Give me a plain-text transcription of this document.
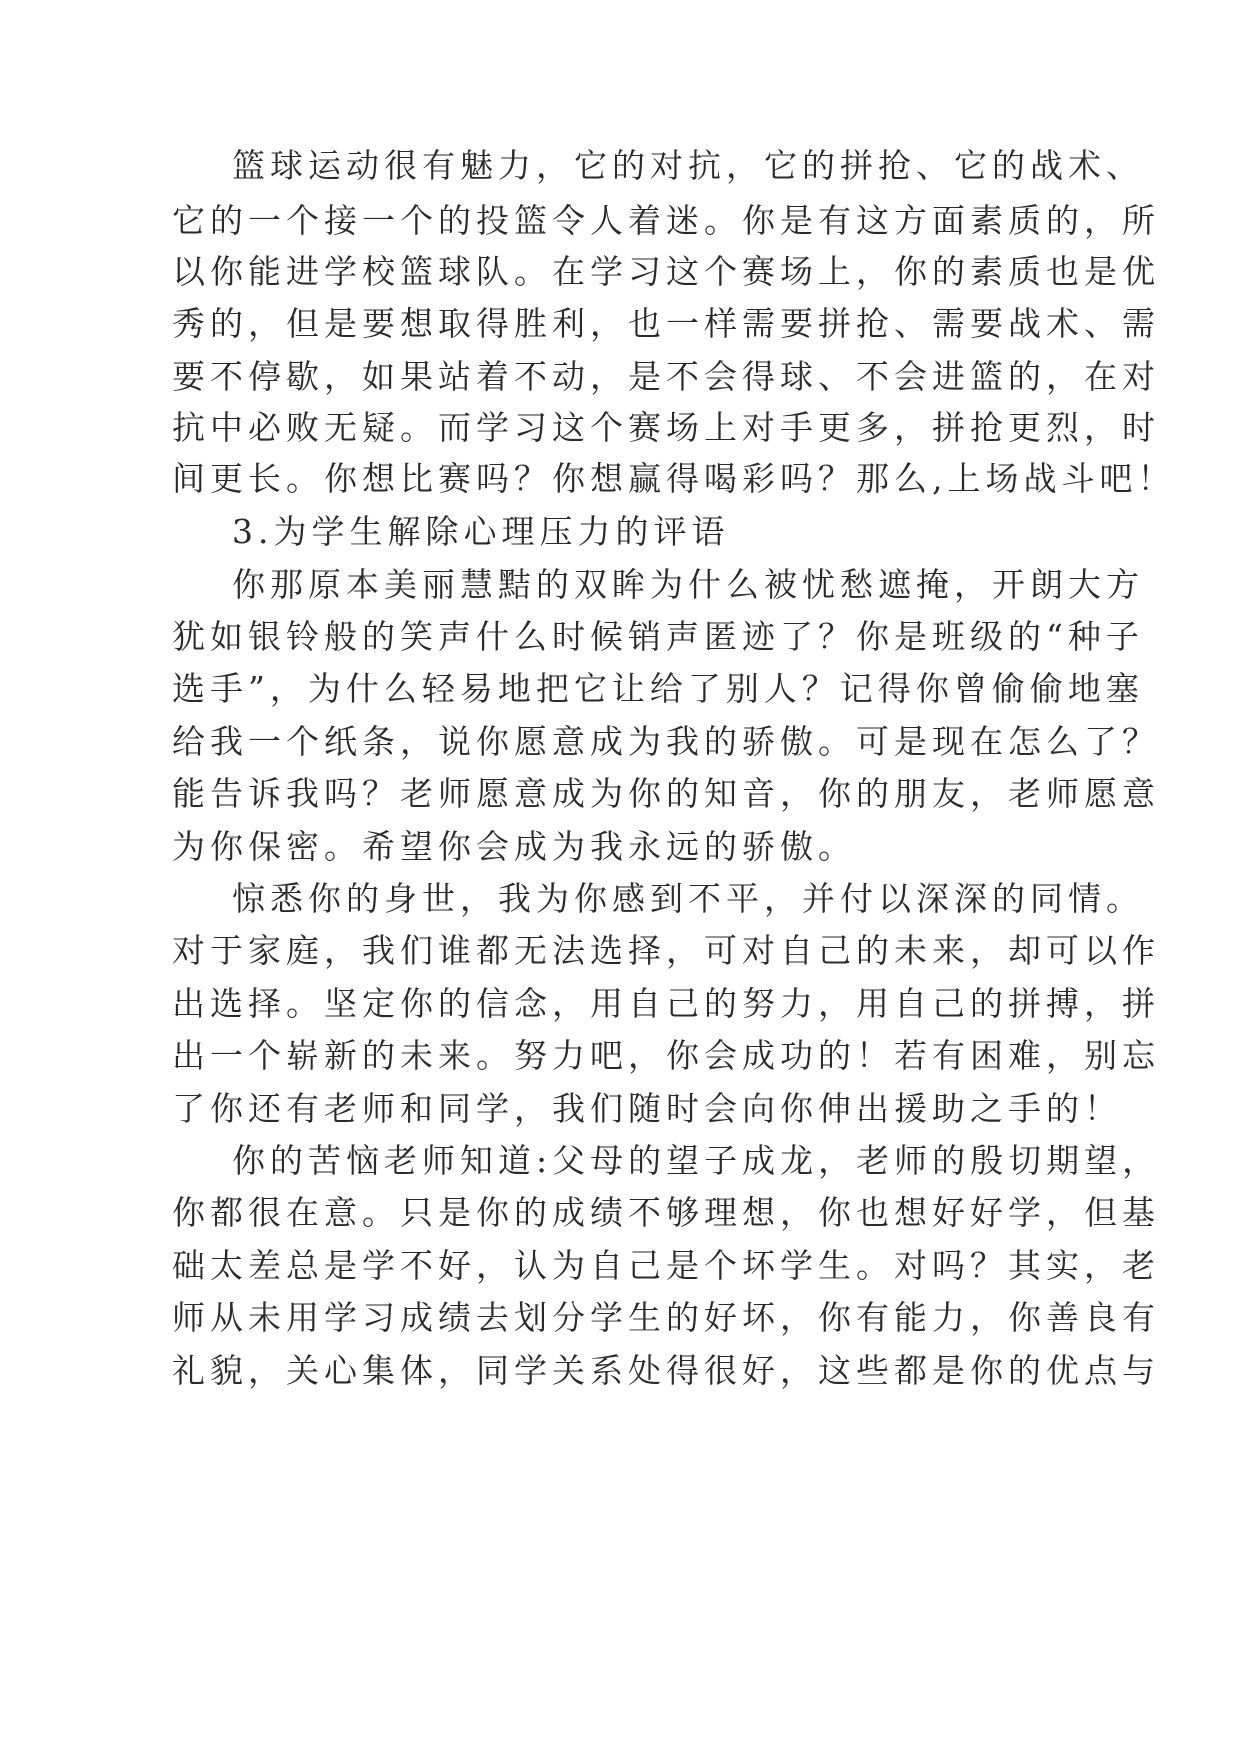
篮球运动很有魅力，它的对抗，它的拼抢、它的战术、
它的一个接一个的投篮令人着迷。你是有这方面素质的，所
以你能进学校篮球队。在学习这个赛场上，你的素质也是优
秀的，但是要想取得胜利，也一样需要拼抢、需要战术、需
要不停歇，如果站着不动，是不会得球、不会进篮的，在对
抗中必败无疑。而学习这个赛场上对手更多，拼抢更烈，时
间更长。你想比赛吗？你想赢得喝彩吗？那么,上场战斗吧！
3.为学生解除心理压力的评语
你那原本美丽慧黠的双眸为什么被忧愁遮掩，开朗大方
犹如银铃般的笑声什么时候销声匿迹了？你是班级的“种子
选手”，为什么轻易地把它让给了别人？记得你曾偷偷地塞
给我一个纸条，说你愿意成为我的骄傲。可是现在怎么了？
能告诉我吗？老师愿意成为你的知音，你的朋友，老师愿意
为你保密。希望你会成为我永远的骄傲。
惊悉你的身世，我为你感到不平，并付以深深的同情。
对于家庭，我们谁都无法选择，可对自己的未来，却可以作
出选择。坚定你的信念，用自己的努力，用自己的拼搏，拼
出一个崭新的未来。努力吧，你会成功的！若有困难，别忘
了你还有老师和同学，我们随时会向你伸出援助之手的！
你的苦恼老师知道:父母的望子成龙，老师的殷切期望，
你都很在意。只是你的成绩不够理想，你也想好好学，但基
础太差总是学不好，认为自己是个坏学生。对吗？其实，老
师从未用学习成绩去划分学生的好坏，你有能力，你善良有
礼貌，关心集体，同学关系处得很好，这些都是你的优点与
